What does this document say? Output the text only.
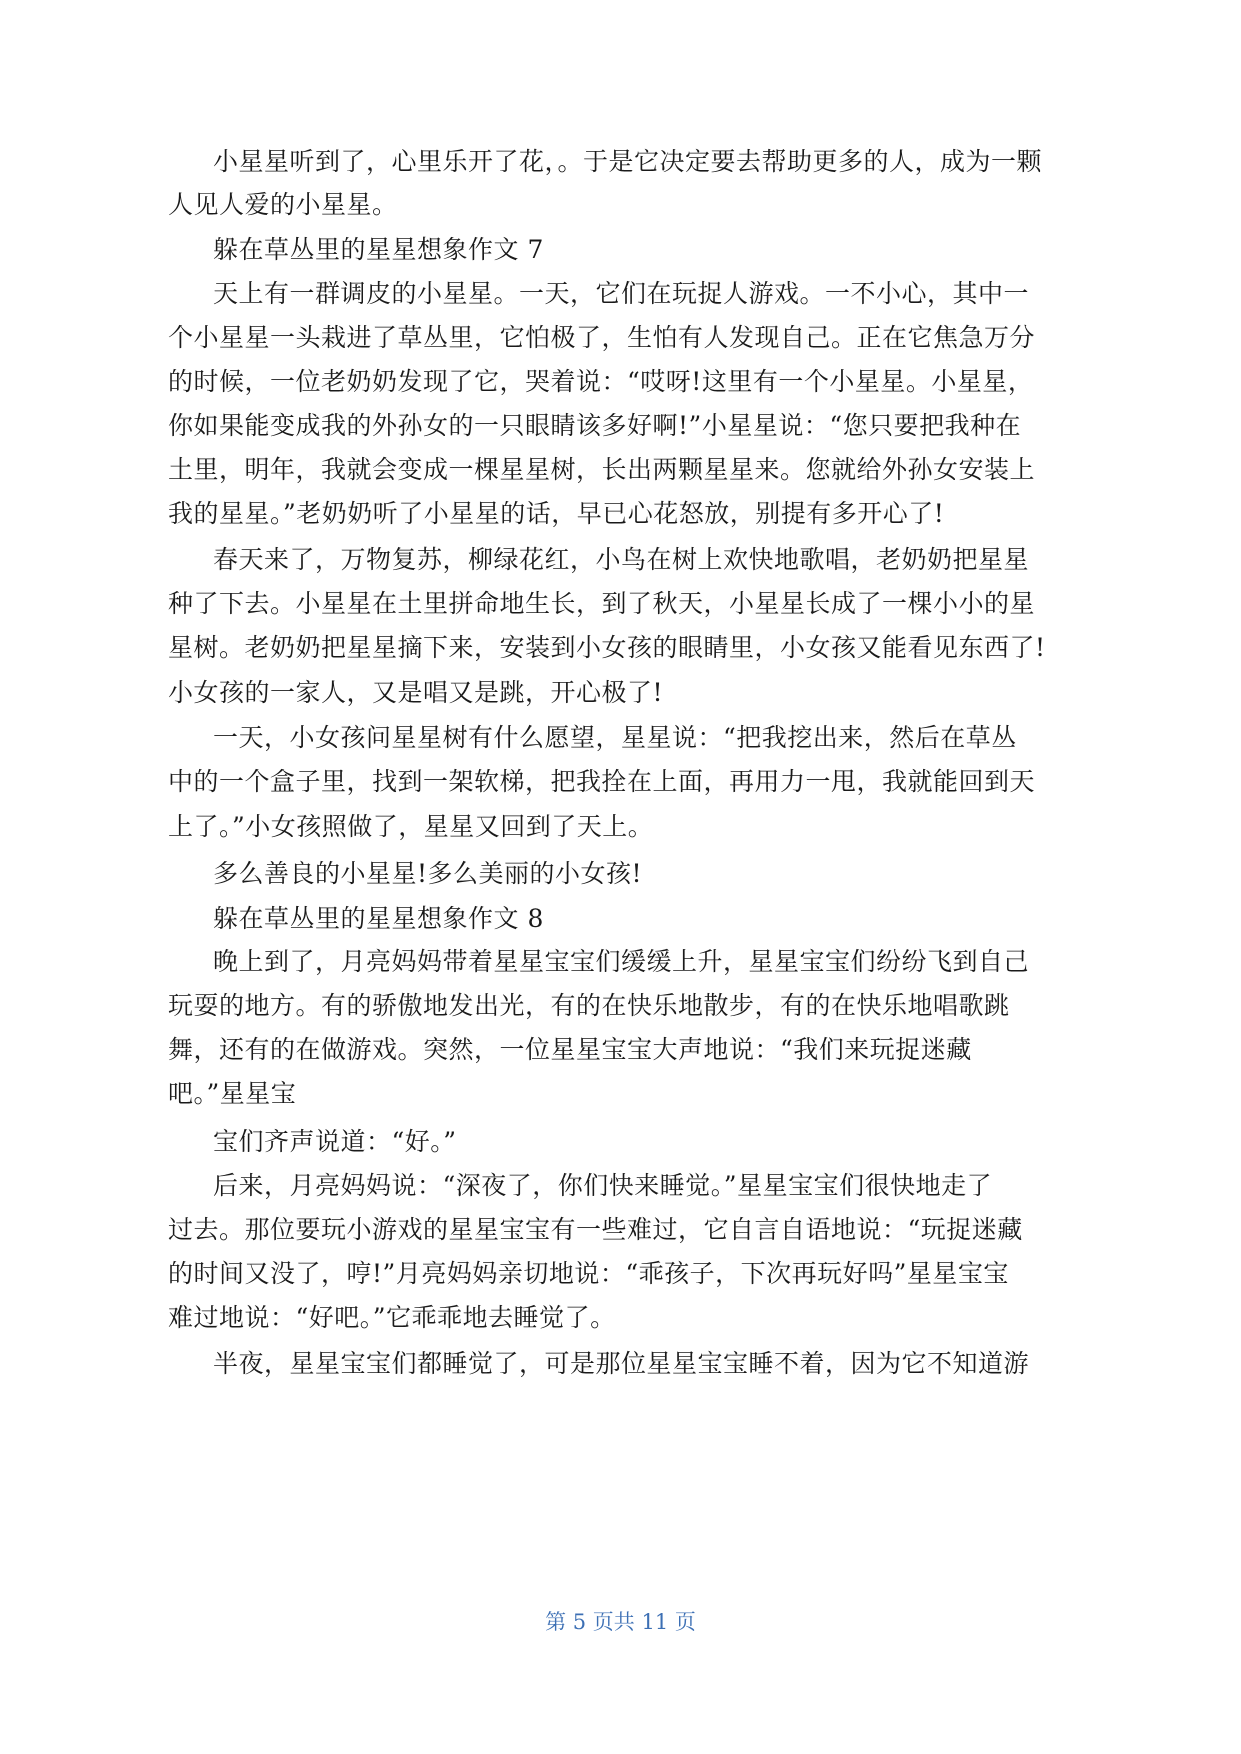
小星星听到了，心里乐开了花，。于是它决定要去帮助更多的人，成为一颗
人见人爱的小星星。
躲在草丛里的星星想象作文 7
天上有一群调皮的小星星。一天，它们在玩捉人游戏。一不小心，其中一
个小星星一头栽进了草丛里，它怕极了，生怕有人发现自己。正在它焦急万分
的时候，一位老奶奶发现了它，哭着说：“哎呀!这里有一个小星星。小星星，
你如果能变成我的外孙女的一只眼睛该多好啊!”小星星说：“您只要把我种在
土里，明年，我就会变成一棵星星树，长出两颗星星来。您就给外孙女安装上
我的星星。”老奶奶听了小星星的话，早已心花怒放，别提有多开心了!
春天来了，万物复苏，柳绿花红，小鸟在树上欢快地歌唱，老奶奶把星星
种了下去。小星星在土里拼命地生长，到了秋天，小星星长成了一棵小小的星
星树。老奶奶把星星摘下来，安装到小女孩的眼睛里，小女孩又能看见东西了!
小女孩的一家人，又是唱又是跳，开心极了!
一天，小女孩问星星树有什么愿望，星星说：“把我挖出来，然后在草丛
中的一个盒子里，找到一架软梯，把我拴在上面，再用力一甩，我就能回到天
上了。”小女孩照做了，星星又回到了天上。
多么善良的小星星!多么美丽的小女孩!
躲在草丛里的星星想象作文 8
晚上到了，月亮妈妈带着星星宝宝们缓缓上升，星星宝宝们纷纷飞到自己
玩耍的地方。有的骄傲地发出光，有的在快乐地散步，有的在快乐地唱歌跳
舞，还有的在做游戏。突然，一位星星宝宝大声地说：“我们来玩捉迷藏
吧。”星星宝
宝们齐声说道：“好。”
后来，月亮妈妈说：“深夜了，你们快来睡觉。”星星宝宝们很快地走了
过去。那位要玩小游戏的星星宝宝有一些难过，它自言自语地说：“玩捉迷藏
的时间又没了，哼!”月亮妈妈亲切地说：“乖孩子，下次再玩好吗”星星宝宝
难过地说：“好吧。”它乖乖地去睡觉了。
半夜，星星宝宝们都睡觉了，可是那位星星宝宝睡不着，因为它不知道游
第 5 页共 11 页
